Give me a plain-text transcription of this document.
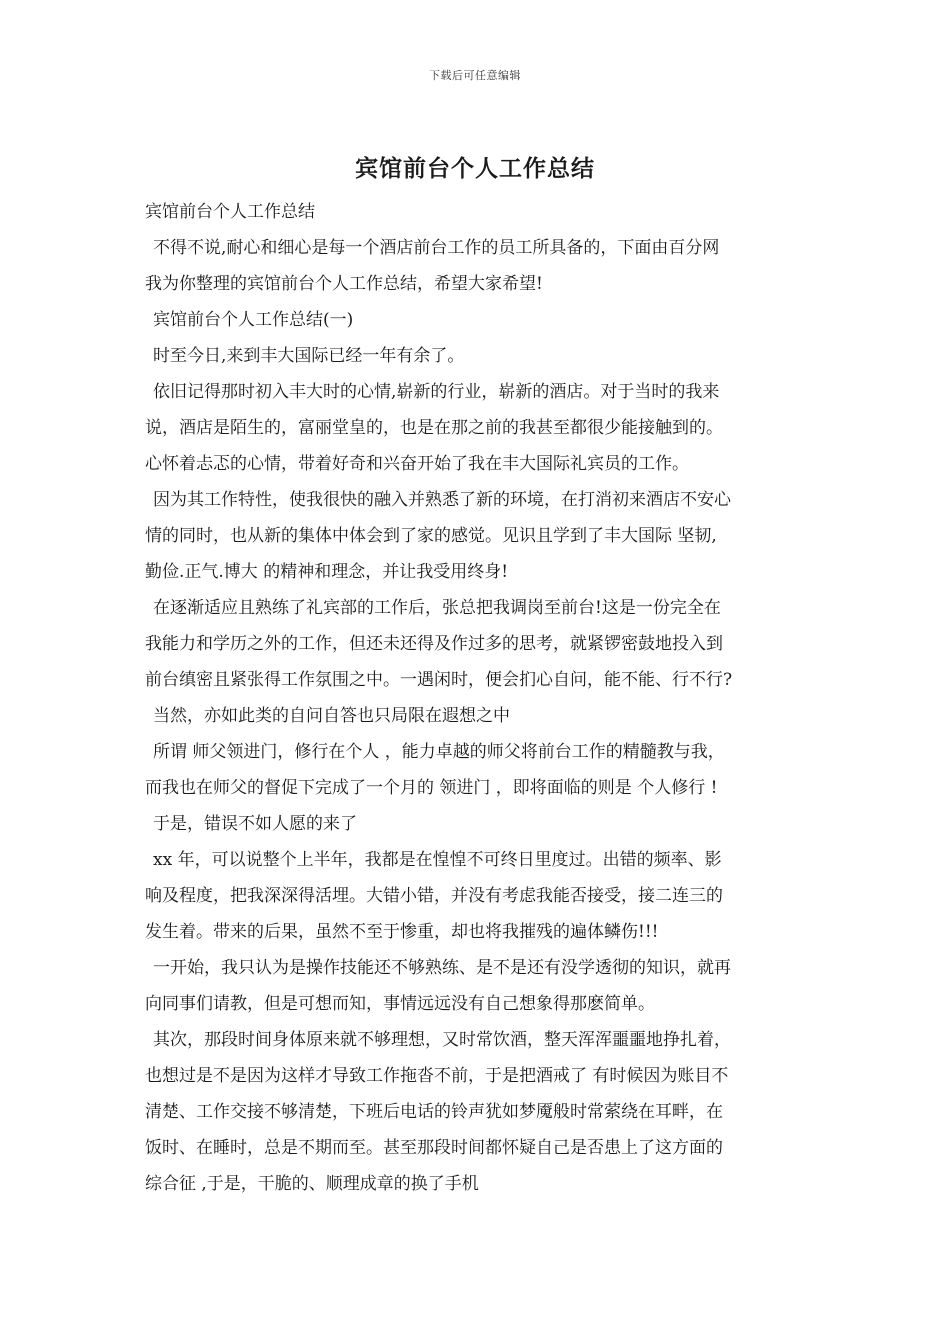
下载后可任意编辑
宾馆前台个人工作总结
宾馆前台个人工作总结
不得不说,耐心和细心是每一个酒店前台工作的员工所具备的，下面由百分网
我为你整理的宾馆前台个人工作总结，希望大家希望!
宾馆前台个人工作总结(一)
时至今日,来到丰大国际已经一年有余了。
依旧记得那时初入丰大时的心情,崭新的行业，崭新的酒店。对于当时的我来
说，酒店是陌生的，富丽堂皇的，也是在那之前的我甚至都很少能接触到的。
心怀着忐忑的心情，带着好奇和兴奋开始了我在丰大国际礼宾员的工作。
因为其工作特性，使我很快的融入并熟悉了新的环境，在打消初来酒店不安心
情的同时，也从新的集体中体会到了家的感觉。见识且学到了丰大国际 坚韧,
勤俭.正气.博大 的精神和理念，并让我受用终身!
在逐渐适应且熟练了礼宾部的工作后，张总把我调岗至前台!这是一份完全在
我能力和学历之外的工作，但还未还得及作过多的思考，就紧锣密鼓地投入到
前台缜密且紧张得工作氛围之中。一遇闲时，便会扪心自问，能不能、行不行?
当然，亦如此类的自问自答也只局限在遐想之中
所谓 师父领进门，修行在个人 ，能力卓越的师父将前台工作的精髓教与我，
而我也在师父的督促下完成了一个月的 领进门 ，即将面临的则是 个人修行 !
于是，错误不如人愿的来了
xx 年，可以说整个上半年，我都是在惶惶不可终日里度过。出错的频率、影
响及程度，把我深深得活埋。大错小错，并没有考虑我能否接受，接二连三的
发生着。带来的后果，虽然不至于惨重，却也将我摧残的遍体鳞伤!!!
一开始，我只认为是操作技能还不够熟练、是不是还有没学透彻的知识，就再
向同事们请教，但是可想而知，事情远远没有自己想象得那麽简单。
其次，那段时间身体原来就不够理想，又时常饮酒，整天浑浑噩噩地挣扎着，
也想过是不是因为这样才导致工作拖沓不前，于是把酒戒了 有时候因为账目不
清楚、工作交接不够清楚，下班后电话的铃声犹如梦魇般时常萦绕在耳畔，在
饭时、在睡时，总是不期而至。甚至那段时间都怀疑自己是否患上了这方面的
综合征 ,于是，干脆的、顺理成章的换了手机
